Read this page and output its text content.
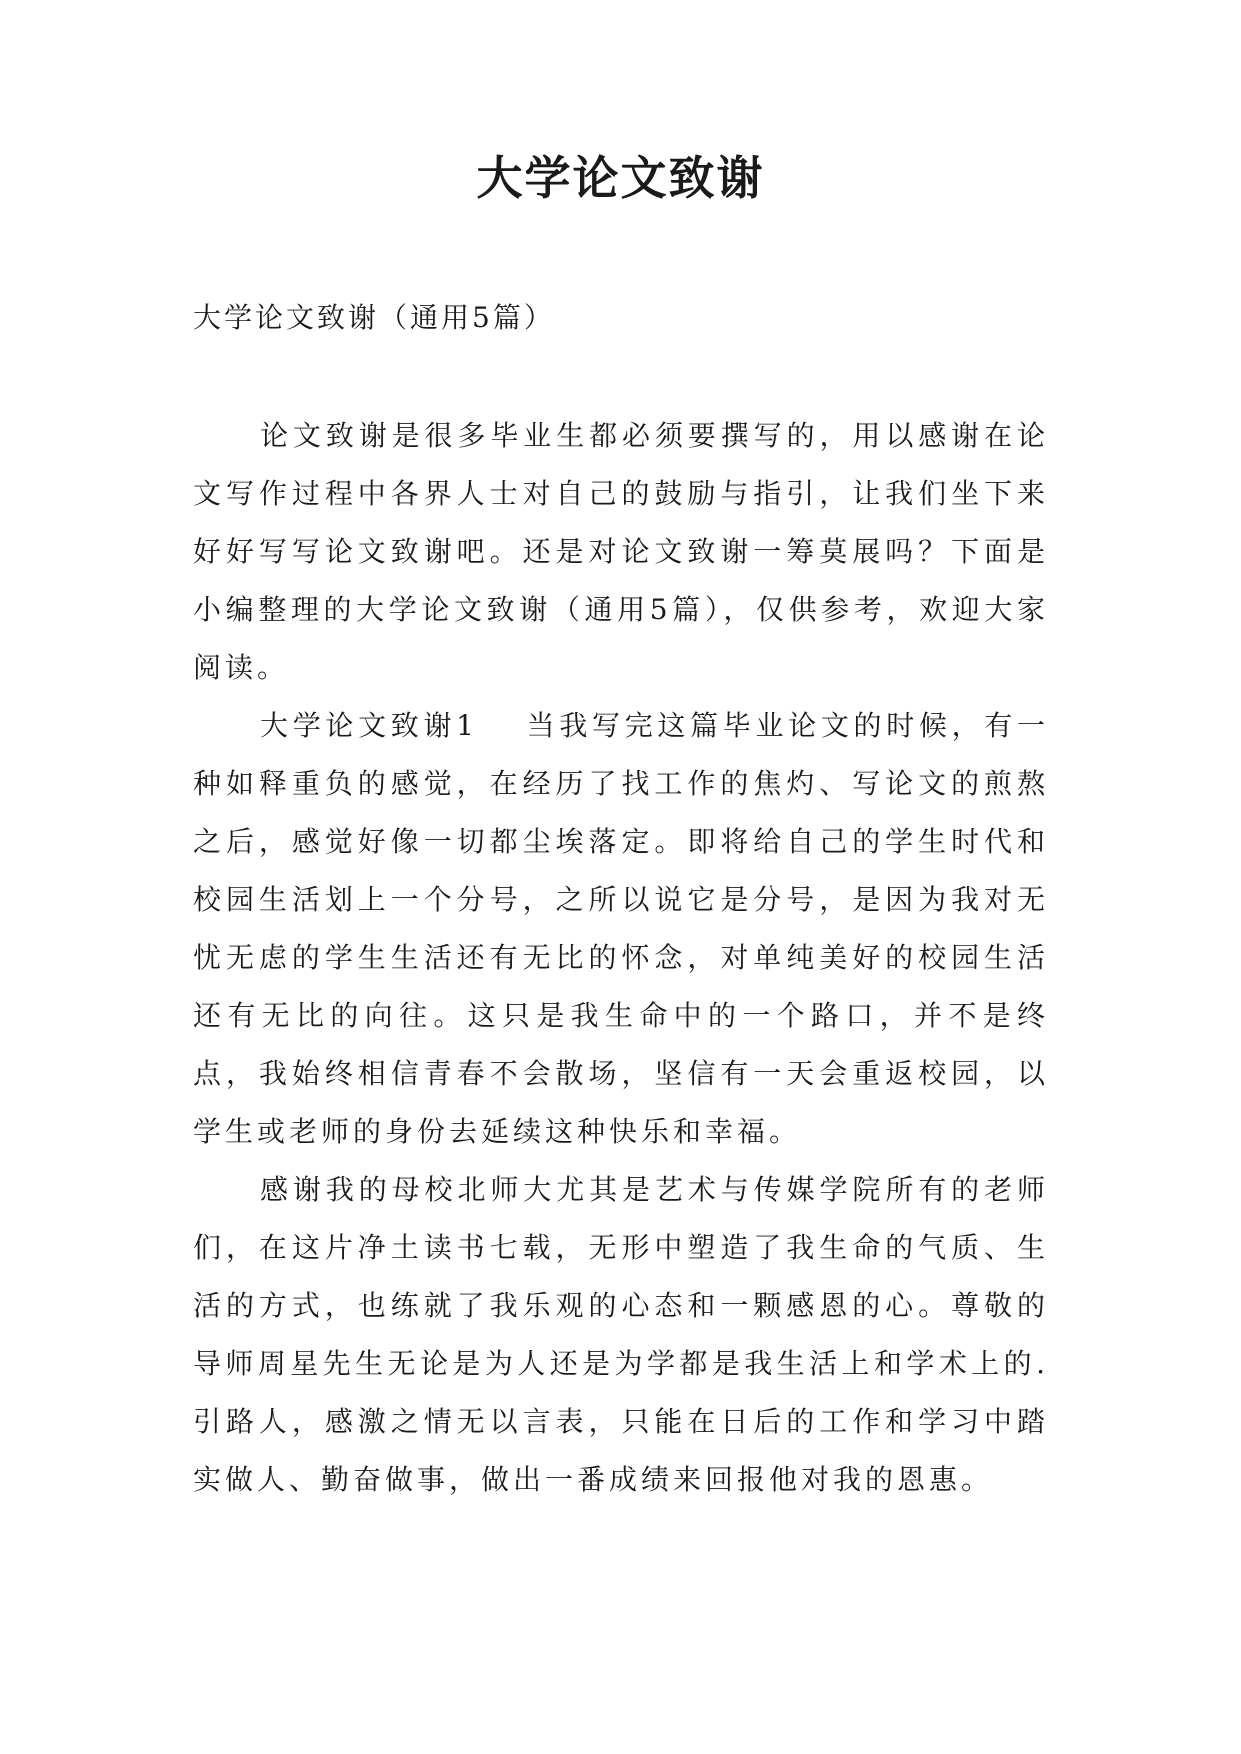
大学论文致谢

大学论文致谢（通用5篇）

论文致谢是很多毕业生都必须要撰写的，用以感谢在论文写作过程中各界人士对自己的鼓励与指引，让我们坐下来好好写写论文致谢吧。还是对论文致谢一筹莫展吗？下面是小编整理的大学论文致谢（通用5篇），仅供参考，欢迎大家阅读。

大学论文致谢1 当我写完这篇毕业论文的时候，有一种如释重负的感觉，在经历了找工作的焦灼、写论文的煎熬之后，感觉好像一切都尘埃落定。即将给自己的学生时代和校园生活划上一个分号，之所以说它是分号，是因为我对无忧无虑的学生生活还有无比的怀念，对单纯美好的校园生活还有无比的向往。这只是我生命中的一个路口，并不是终点，我始终相信青春不会散场，坚信有一天会重返校园，以学生或老师的身份去延续这种快乐和幸福。

感谢我的母校北师大尤其是艺术与传媒学院所有的老师们，在这片净土读书七载，无形中塑造了我生命的气质、生活的方式，也练就了我乐观的心态和一颗感恩的心。尊敬的导师周星先生无论是为人还是为学都是我生活上和学术上的.引路人，感激之情无以言表，只能在日后的工作和学习中踏实做人、勤奋做事，做出一番成绩来回报他对我的恩惠。
